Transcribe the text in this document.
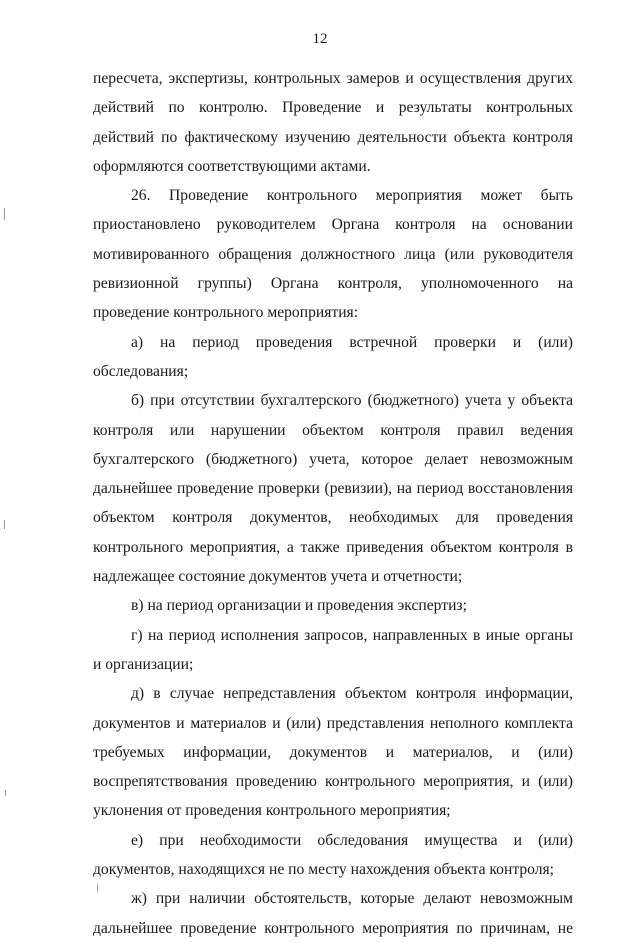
12

пересчета, экспертизы, контрольных замеров и осуществления других действий по контролю. Проведение и результаты контрольных действий по фактическому изучению деятельности объекта контроля оформляются соответствующими актами.

26. Проведение контрольного мероприятия может быть приостановлено руководителем Органа контроля на основании мотивированного обращения должностного лица (или руководителя ревизионной группы) Органа контроля, уполномоченного на проведение контрольного мероприятия:

а) на период проведения встречной проверки и (или) обследования;

б) при отсутствии бухгалтерского (бюджетного) учета у объекта контроля или нарушении объектом контроля правил ведения бухгалтерского (бюджетного) учета, которое делает невозможным дальнейшее проведение проверки (ревизии), на период восстановления объектом контроля документов, необходимых для проведения контрольного мероприятия, а также приведения объектом контроля в надлежащее состояние документов учета и отчетности;

в) на период организации и проведения экспертиз;

г) на период исполнения запросов, направленных в иные органы и организации;

д) в случае непредставления объектом контроля информации, документов и материалов и (или) представления неполного комплекта требуемых информации, документов и материалов, и (или) воспрепятствования проведению контрольного мероприятия, и (или) уклонения от проведения контрольного мероприятия;

е) при необходимости обследования имущества и (или) документов, находящихся не по месту нахождения объекта контроля;

ж) при наличии обстоятельств, которые делают невозможным дальнейшее проведение контрольного мероприятия по причинам, не
